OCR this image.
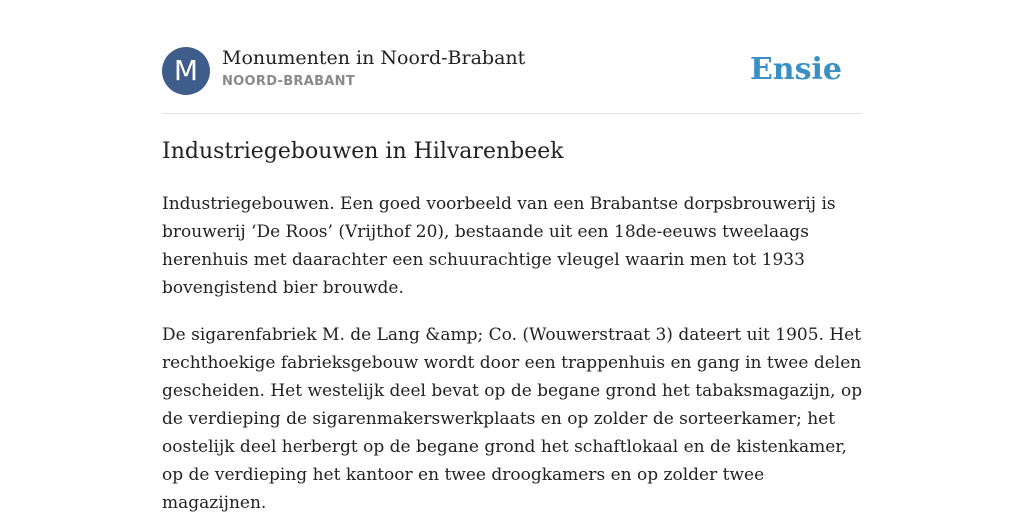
M	Monumenten in Noord-Brabant
NOORD-BRABANT	Ensie
Industriegebouwen in Hilvarenbeek

Industriegebouwen. Een goed voorbeeld van een Brabantse dorpsbrouwerij is
brouwerij ‘De Roos’ (Vrijthof 20), bestaande uit een 18de-eeuws tweelaags
herenhuis met daarachter een schuurachtige vleugel waarin men tot 1933
bovengistend bier brouwde.

De sigarenfabriek M. de Lang &amp; Co. (Wouwerstraat 3) dateert uit 1905. Het
rechthoekige fabrieksgebouw wordt door een trappenhuis en gang in twee delen
gescheiden. Het westelijk deel bevat op de begane grond het tabaksmagazijn, op
de verdieping de sigarenmakerswerkplaats en op zolder de sorteerkamer; het
oostelijk deel herbergt op de begane grond het schaftlokaal en de kistenkamer,
op de verdieping het kantoor en twee droogkamers en op zolder twee
magazijnen.
